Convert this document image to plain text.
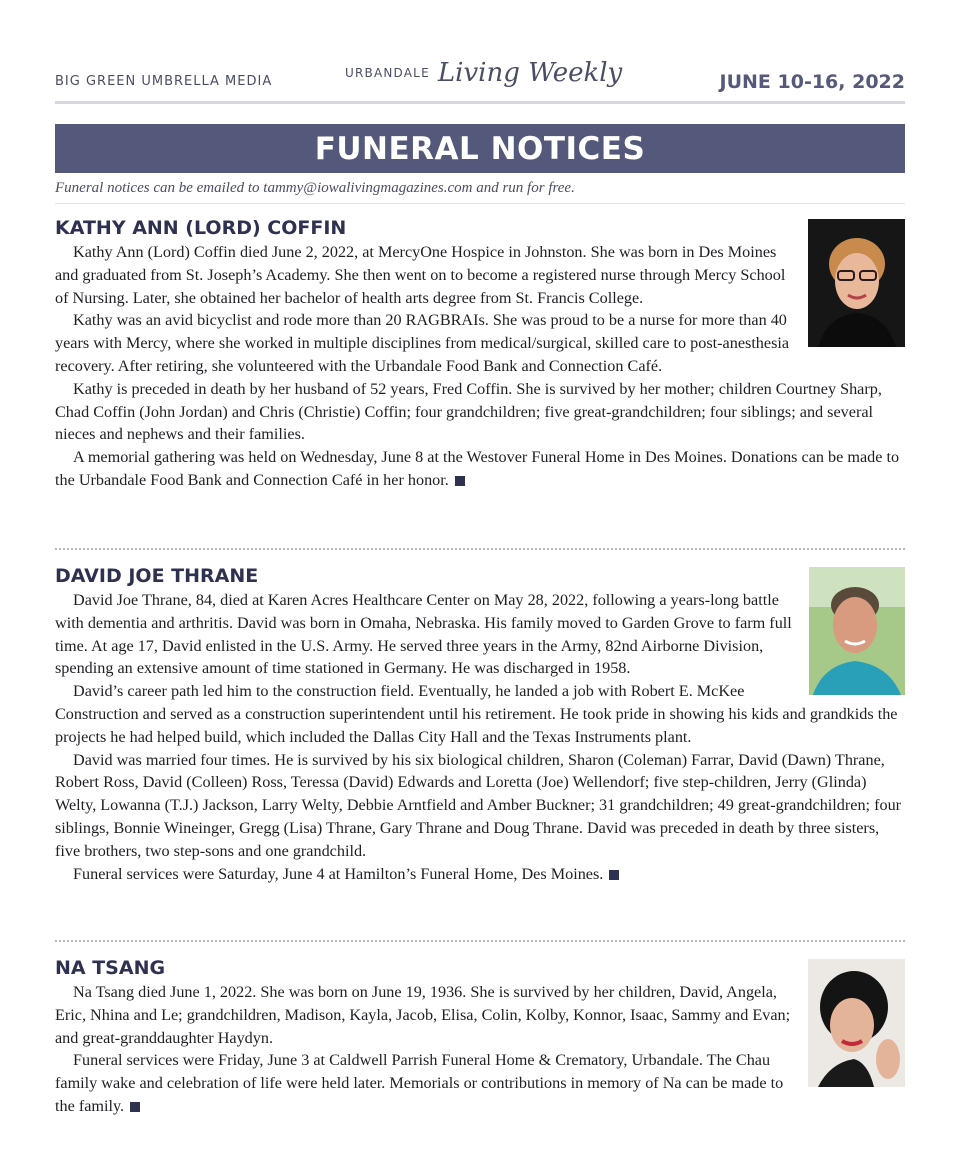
BIG GREEN UMBRELLA MEDIA
URBANDALE Living Weekly	JUNE 10-16, 2022
FUNERAL NOTICES
Funeral notices can be emailed to tammy@iowalivingmagazines.com and run for free.
KATHY ANN (LORD) COFFIN

Kathy Ann (Lord) Coffin died June 2, 2022, at MercyOne Hospice in Johnston. She was born in Des Moines and graduated from St. Joseph’s Academy. She then went on to become a registered nurse through Mercy School of Nursing. Later, she obtained her bachelor of health arts degree from St. Francis College.

Kathy was an avid bicyclist and rode more than 20 RAGBRAIs. She was proud to be a nurse for more than 40 years with Mercy, where she worked in multiple disciplines from medical/surgical, skilled care to post-anesthesia recovery. After retiring, she volunteered with the Urbandale Food Bank and Connection Café.

Kathy is preceded in death by her husband of 52 years, Fred Coffin. She is survived by her mother; children Courtney Sharp, Chad Coffin (John Jordan) and Chris (Christie) Coffin; four grandchildren; five great-grandchildren; four siblings; and several nieces and nephews and their families.

A memorial gathering was held on Wednesday, June 8 at the Westover Funeral Home in Des Moines. Donations can be made to the Urbandale Food Bank and Connection Café in her honor.

DAVID JOE THRANE

David Joe Thrane, 84, died at Karen Acres Healthcare Center on May 28, 2022, following a years-long battle with dementia and arthritis. David was born in Omaha, Nebraska. His family moved to Garden Grove to farm full time. At age 17, David enlisted in the U.S. Army. He served three years in the Army, 82nd Airborne Division, spending an extensive amount of time stationed in Germany. He was discharged in 1958.

David’s career path led him to the construction field. Eventually, he landed a job with Robert E. McKee Construction and served as a construction superintendent until his retirement. He took pride in showing his kids and grandkids the projects he had helped build, which included the Dallas City Hall and the Texas Instruments plant.

David was married four times. He is survived by his six biological children, Sharon (Coleman) Farrar, David (Dawn) Thrane, Robert Ross, David (Colleen) Ross, Teressa (David) Edwards and Loretta (Joe) Wellendorf; five step-children, Jerry (Glinda) Welty, Lowanna (T.J.) Jackson, Larry Welty, Debbie Arntfield and Amber Buckner; 31 grandchildren; 49 great-grandchildren; four siblings, Bonnie Wineinger, Gregg (Lisa) Thrane, Gary Thrane and Doug Thrane. David was preceded in death by three sisters, five brothers, two step-sons and one grandchild.

Funeral services were Saturday, June 4 at Hamilton’s Funeral Home, Des Moines.

NA TSANG

Na Tsang died June 1, 2022. She was born on June 19, 1936. She is survived by her children, David, Angela, Eric, Nhina and Le; grandchildren, Madison, Kayla, Jacob, Elisa, Colin, Kolby, Konnor, Isaac, Sammy and Evan; and great-granddaughter Haydyn.

Funeral services were Friday, June 3 at Caldwell Parrish Funeral Home & Crematory, Urbandale. The Chau family wake and celebration of life were held later. Memorials or contributions in memory of Na can be made to the family.
